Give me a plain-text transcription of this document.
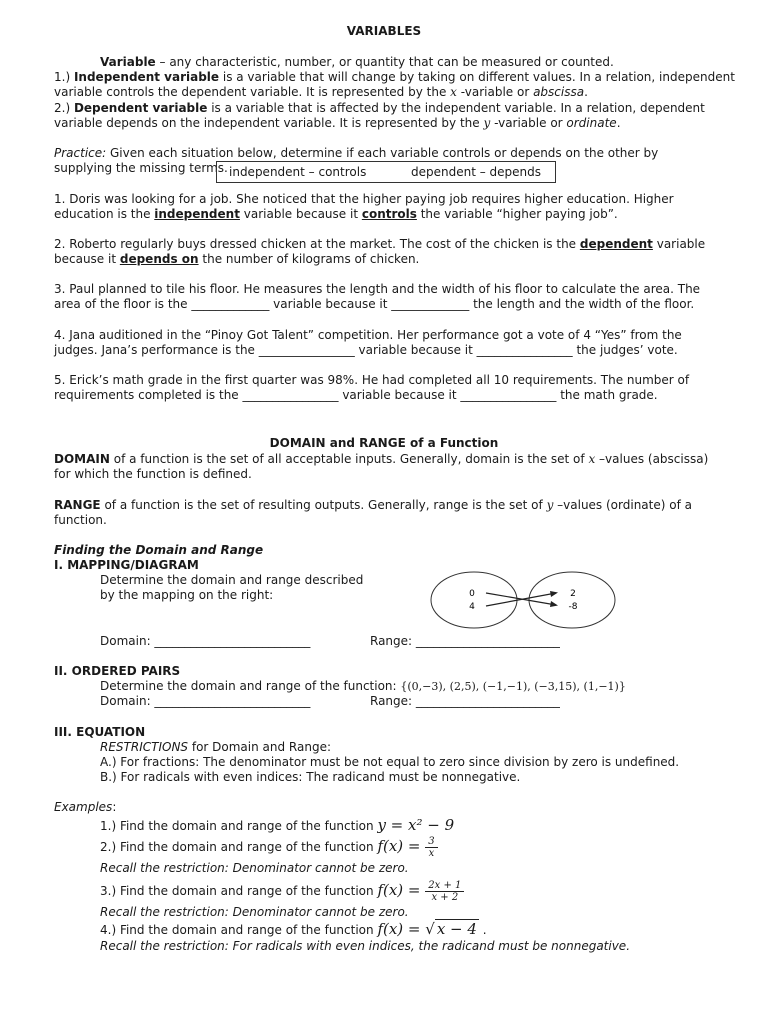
VARIABLES
Variable – any characteristic, number, or quantity that can be measured or counted.
1.) Independent variable is a variable that will change by taking on different values. In a relation, independent
variable controls the dependent variable. It is represented by the x -variable or abscissa.
2.) Dependent variable is a variable that is affected by the independent variable. In a relation, dependent
variable depends on the independent variable. It is represented by the y -variable or ordinate.
Practice: Given each situation below, determine if each variable controls or depends on the other by
supplying the missing terms. independent – controls	dependent – depends
1. Doris was looking for a job. She noticed that the higher paying job requires higher education. Higher
education is the independent variable because it controls the variable “higher paying job”.
2. Roberto regularly buys dressed chicken at the market. The cost of the chicken is the dependent variable
because it depends on the number of kilograms of chicken.
3. Paul planned to tile his floor. He measures the length and the width of his floor to calculate the area. The
area of the floor is the _____________ variable because it _____________ the length and the width of the floor.
4. Jana auditioned in the “Pinoy Got Talent” competition. Her performance got a vote of 4 “Yes” from the
judges. Jana’s performance is the ________________ variable because it ________________ the judges’ vote.
5. Erick’s math grade in the first quarter was 98%. He had completed all 10 requirements. The number of
requirements completed is the ________________ variable because it ________________ the math grade.
DOMAIN and RANGE of a Function
DOMAIN of a function is the set of all acceptable inputs. Generally, domain is the set of x –values (abscissa)
for which the function is defined.
RANGE of a function is the set of resulting outputs. Generally, range is the set of y –values (ordinate) of a
function.
Finding the Domain and Range
I. MAPPING/DIAGRAM
Determine the domain and range described
by the mapping on the right:	0
4
2
-8
Domain: __________________________	Range: ________________________
II. ORDERED PAIRS
Determine the domain and range of the function: {(0,−3), (2,5), (−1,−1), (−3,15), (1,−1)}
Domain: __________________________	Range: ________________________
III. EQUATION
RESTRICTIONS for Domain and Range:
A.) For fractions: The denominator must be not equal to zero since division by zero is undefined.
B.) For radicals with even indices: The radicand must be nonnegative.
Examples:
1.) Find the domain and range of the function y = x² − 9
2.) Find the domain and range of the function $f(x) = \frac{3}{x}$
Recall the restriction: Denominator cannot be zero.
3.) Find the domain and range of the function $f(x) = \frac{2x + 1}{x + 2}$
Recall the restriction: Denominator cannot be zero.
4.) Find the domain and range of the function f(x) = √ x − 4 .
Recall the restriction: For radicals with even indices, the radicand must be nonnegative.
